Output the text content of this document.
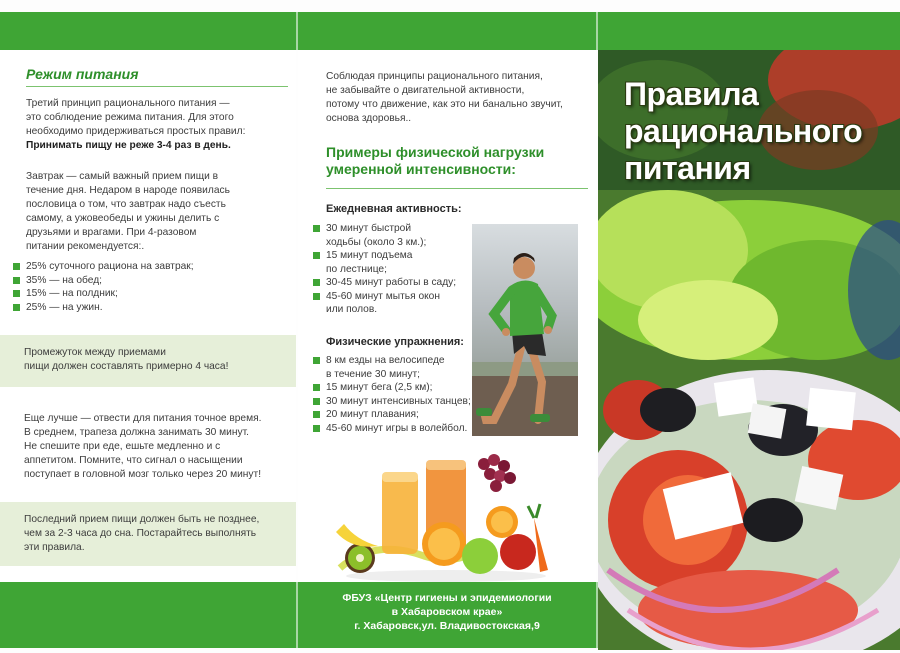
Режим питания
Третий принцип рационального питания —
это соблюдение режима питания. Для этого
необходимо придерживаться простых правил:
Принимать пищу не реже 3-4 раз в день.
Завтрак — самый важный прием пищи в
течение дня. Недаром в народе появилась
пословица о том, что завтрак надо съесть
самому, а ужовеобеды и ужины делить с
друзьями и врагами. При 4-разовом
питании рекомендуется:.
25% суточного рациона на завтрак;
35% — на обед;
15% — на полдник;
25% — на ужин.
Промежуток между приемами
пищи должен составлять примерно 4 часа!
Еще лучше — отвести для питания точное время.
В среднем, трапеза должна занимать 30 минут.
Не спешите при еде, ешьте медленно и с
аппетитом. Помните, что сигнал о насыщении
поступает в головной мозг только через 20 минут!
Последний прием пищи должен быть не позднее,
чем за 2-3 часа до сна. Постарайтесь выполнять
эти правила.
Соблюдая принципы рационального питания,
не забывайте о двигательной активности,
потому что движение, как это ни банально звучит,
основа здоровья..
Примеры физической нагрузки
умеренной интенсивности:
Ежедневная активность:
30 минут быстрой
ходьбы (около 3 км.);
15 минут подъема
по лестнице;
30-45 минут работы в саду;
45-60 минут мытья окон
или полов.
Физические упражнения:
8 км езды на велосипеде
в течение 30 минут;
15 минут бега (2,5 км);
30 минут интенсивных танцев;
20 минут плавания;
45-60 минут игры в волейбол.
ФБУЗ «Центр гигиены и эпидемиологии
в Хабаровском крае»
г. Хабаровск,ул. Владивостокская,9
Правила
рационального
питания
